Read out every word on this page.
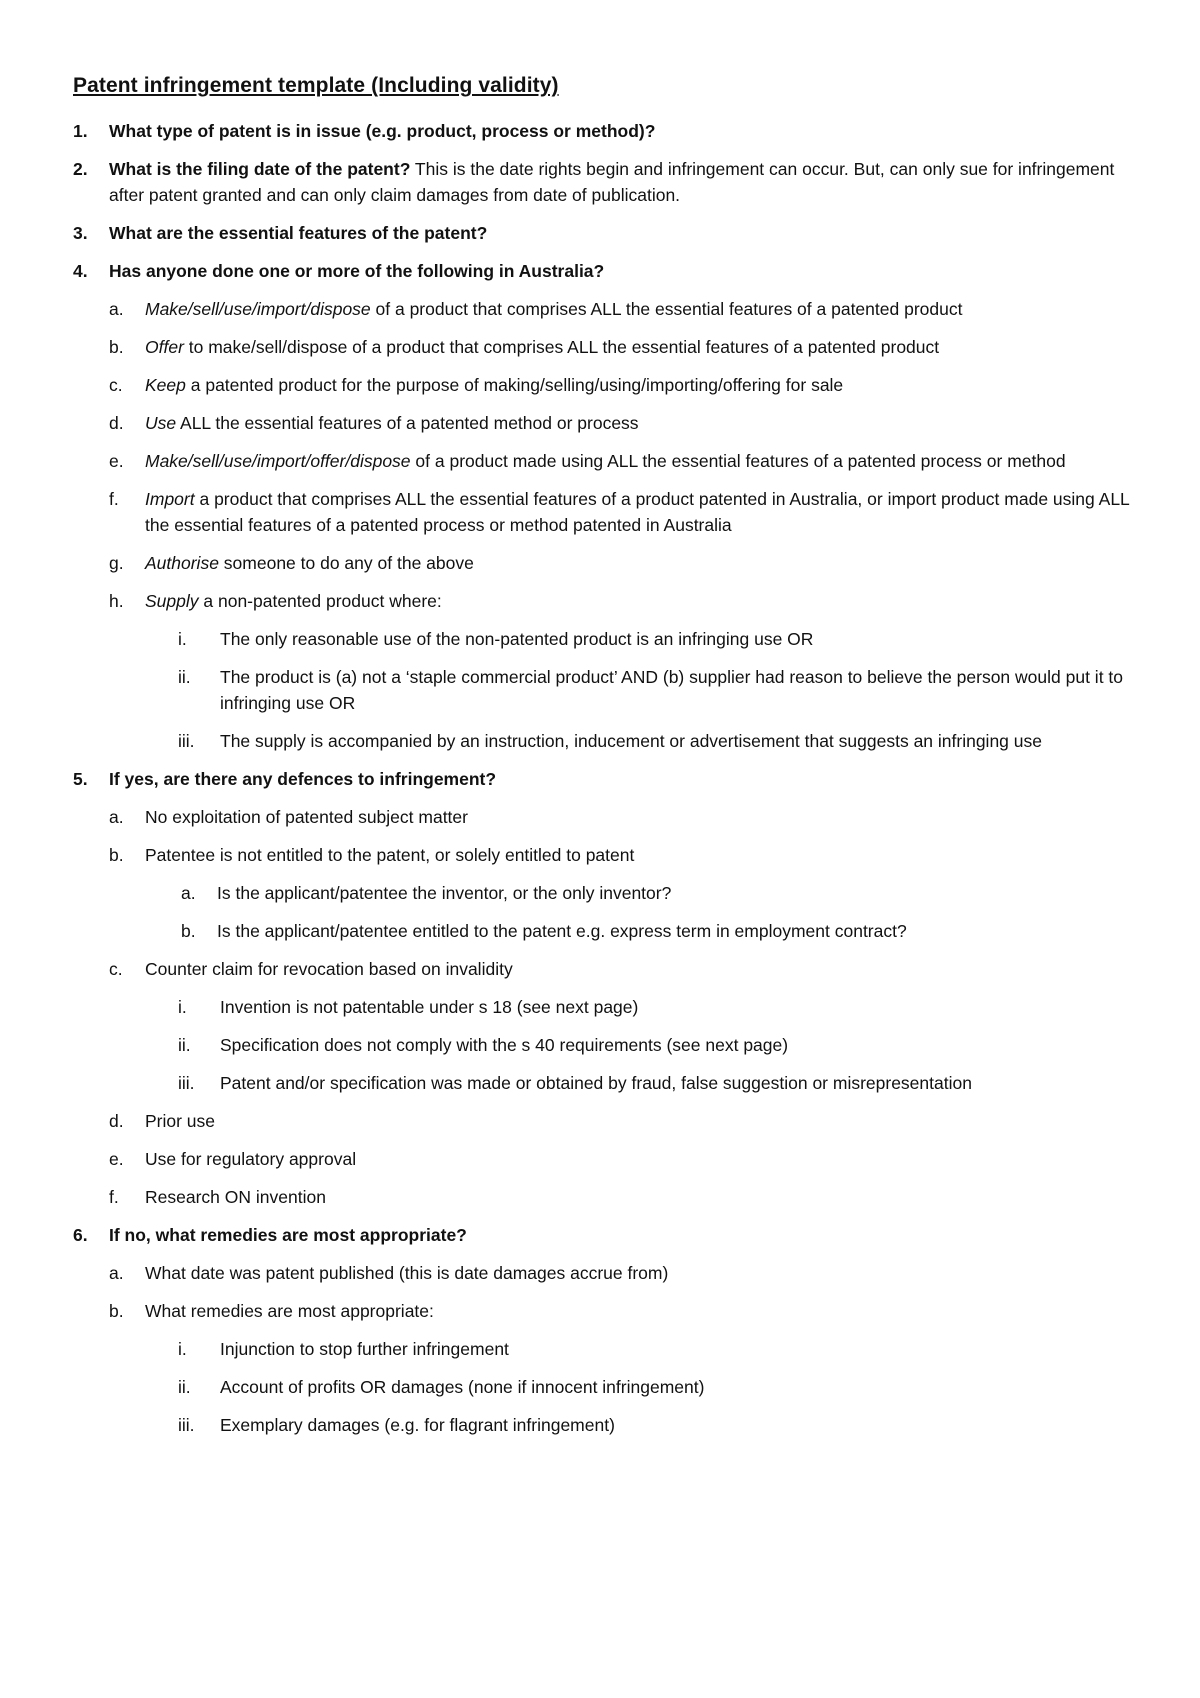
Patent infringement template (Including validity)
1.	What type of patent is in issue (e.g. product, process or method)?
2.	What is the filing date of the patent? This is the date rights begin and infringement can occur. But, can only sue for infringement after patent granted and can only claim damages from date of publication.
3.	What are the essential features of the patent?
4.	Has anyone done one or more of the following in Australia?
a.	Make/sell/use/import/dispose of a product that comprises ALL the essential features of a patented product
b.	Offer to make/sell/dispose of a product that comprises ALL the essential features of a patented product
c.	Keep a patented product for the purpose of making/selling/using/importing/offering for sale
d.	Use ALL the essential features of a patented method or process
e.	Make/sell/use/import/offer/dispose of a product made using ALL the essential features of a patented process or method
f.	Import a product that comprises ALL the essential features of a product patented in Australia, or import product made using ALL the essential features of a patented process or method patented in Australia
g.	Authorise someone to do any of the above
h.	Supply a non-patented product where:
i.	The only reasonable use of the non-patented product is an infringing use OR
ii.	The product is (a) not a ‘staple commercial product’ AND (b) supplier had reason to believe the person would put it to infringing use OR
iii.	The supply is accompanied by an instruction, inducement or advertisement that suggests an infringing use
5.	If yes, are there any defences to infringement?
a.	No exploitation of patented subject matter
b.	Patentee is not entitled to the patent, or solely entitled to patent
a.	Is the applicant/patentee the inventor, or the only inventor?
b.	Is the applicant/patentee entitled to the patent e.g. express term in employment contract?
c.	Counter claim for revocation based on invalidity
i.	Invention is not patentable under s 18 (see next page)
ii.	Specification does not comply with the s 40 requirements (see next page)
iii.	Patent and/or specification was made or obtained by fraud, false suggestion or misrepresentation
d.	Prior use
e.	Use for regulatory approval
f.	Research ON invention
6.	If no, what remedies are most appropriate?
a.	What date was patent published (this is date damages accrue from)
b.	What remedies are most appropriate:
i.	Injunction to stop further infringement
ii.	Account of profits OR damages (none if innocent infringement)
iii.	Exemplary damages (e.g. for flagrant infringement)
